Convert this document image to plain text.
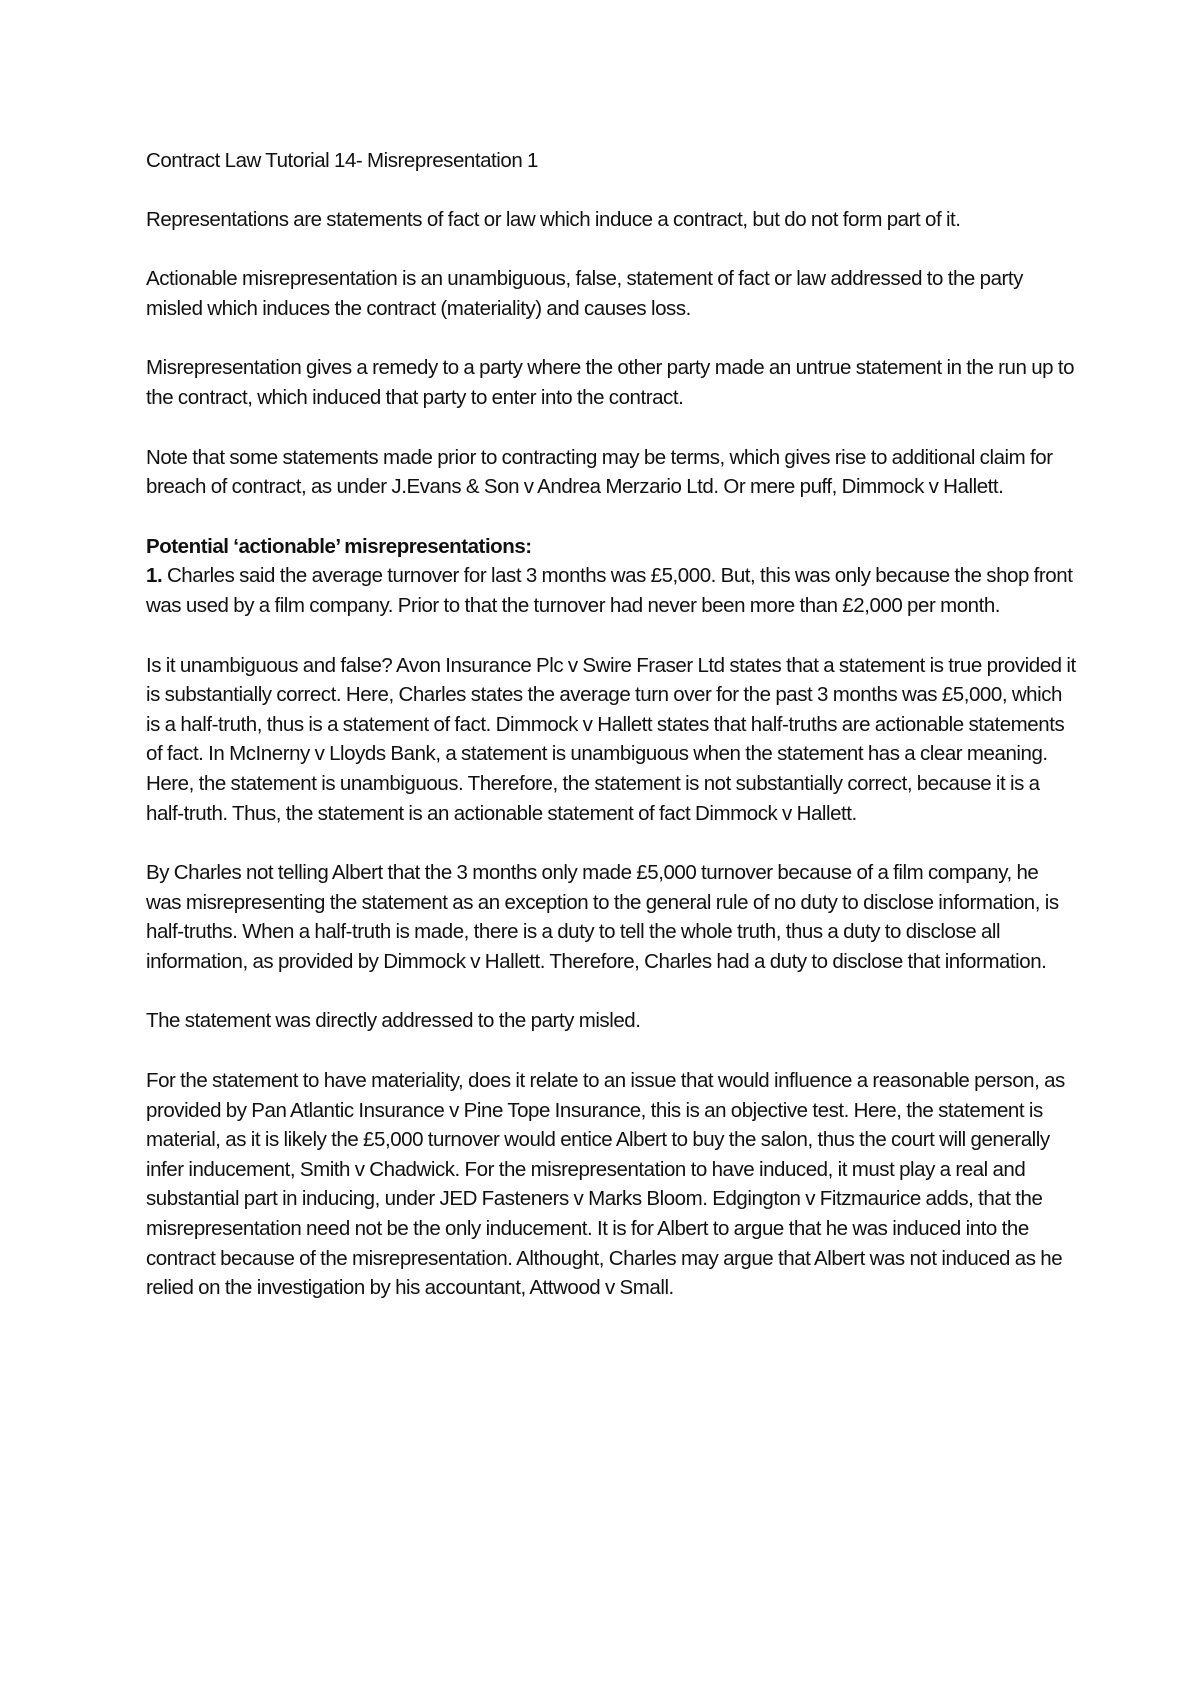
Contract Law Tutorial 14- Misrepresentation 1

Representations are statements of fact or law which induce a contract, but do not form part of it.

Actionable misrepresentation is an unambiguous, false, statement of fact or law addressed to the party misled which induces the contract (materiality) and causes loss.

Misrepresentation gives a remedy to a party where the other party made an untrue statement in the run up to the contract, which induced that party to enter into the contract.

Note that some statements made prior to contracting may be terms, which gives rise to additional claim for breach of contract, as under J.Evans & Son v Andrea Merzario Ltd. Or mere puff, Dimmock v Hallett.

Potential ‘actionable’ misrepresentations:

1. Charles said the average turnover for last 3 months was £5,000. But, this was only because the shop front was used by a film company. Prior to that the turnover had never been more than £2,000 per month.

Is it unambiguous and false? Avon Insurance Plc v Swire Fraser Ltd states that a statement is true provided it is substantially correct. Here, Charles states the average turn over for the past 3 months was £5,000, which is a half-truth, thus is a statement of fact. Dimmock v Hallett states that half-truths are actionable statements of fact. In McInerny v Lloyds Bank, a statement is unambiguous when the statement has a clear meaning. Here, the statement is unambiguous. Therefore, the statement is not substantially correct, because it is a half-truth. Thus, the statement is an actionable statement of fact Dimmock v Hallett.

By Charles not telling Albert that the 3 months only made £5,000 turnover because of a film company, he was misrepresenting the statement as an exception to the general rule of no duty to disclose information, is half-truths. When a half-truth is made, there is a duty to tell the whole truth, thus a duty to disclose all information, as provided by Dimmock v Hallett. Therefore, Charles had a duty to disclose that information.

The statement was directly addressed to the party misled.

For the statement to have materiality, does it relate to an issue that would influence a reasonable person, as provided by Pan Atlantic Insurance v Pine Tope Insurance, this is an objective test. Here, the statement is material, as it is likely the £5,000 turnover would entice Albert to buy the salon, thus the court will generally infer inducement, Smith v Chadwick. For the misrepresentation to have induced, it must play a real and substantial part in inducing, under JED Fasteners v Marks Bloom. Edgington v Fitzmaurice adds, that the misrepresentation need not be the only inducement. It is for Albert to argue that he was induced into the contract because of the misrepresentation. Althought, Charles may argue that Albert was not induced as he relied on the investigation by his accountant, Attwood v Small.
